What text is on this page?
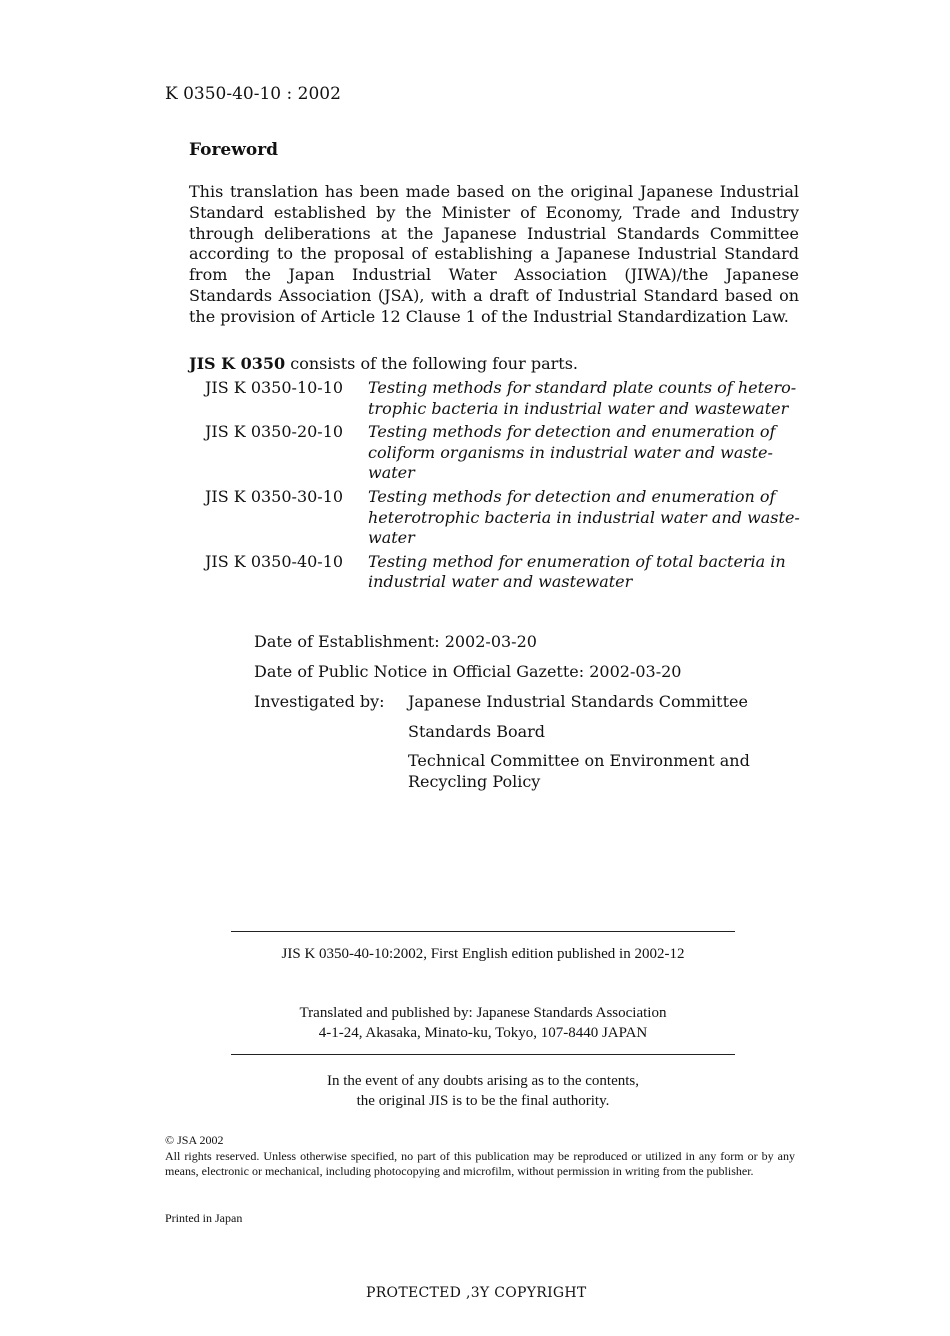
K 0350-40-10 : 2002
Foreword
This translation has been made based on the original Japanese Industrial Standard established by the Minister of Economy, Trade and Industry through deliberations at the Japanese Industrial Standards Committee according to the proposal of establishing a Japanese Industrial Standard from the Japan Industrial Water Association (JIWA)/the Japanese Standards Association (JSA), with a draft of Industrial Standard based on the provision of Article 12 Clause 1 of the Industrial Standardization Law.
JIS K 0350 consists of the following four parts.
JIS K 0350-10-10	Testing methods for standard plate counts of hetero- trophic bacteria in industrial water and wastewater
JIS K 0350-20-10	Testing methods for detection and enumeration of coliform organisms in industrial water and waste- water
JIS K 0350-30-10	Testing methods for detection and enumeration of heterotrophic bacteria in industrial water and waste- water
JIS K 0350-40-10	Testing method for enumeration of total bacteria in industrial water and wastewater
Date of Establishment: 2002-03-20
Date of Public Notice in Official Gazette: 2002-03-20
Investigated by:	Japanese Industrial Standards Committee
Standards Board
Technical Committee on Environment and Recycling Policy
JIS K 0350-40-10:2002, First English edition published in 2002-12
Translated and published by: Japanese Standards Association
4-1-24, Akasaka, Minato-ku, Tokyo, 107-8440 JAPAN
In the event of any doubts arising as to the contents,
the original JIS is to be the final authority.
© JSA 2002
All rights reserved. Unless otherwise specified, no part of this publication may be reproduced or utilized in any form or by any means, electronic or mechanical, including photocopying and microfilm, without permission in writing from the publisher.
Printed in Japan
PROTECTED ,3Y COPYRIGHT
